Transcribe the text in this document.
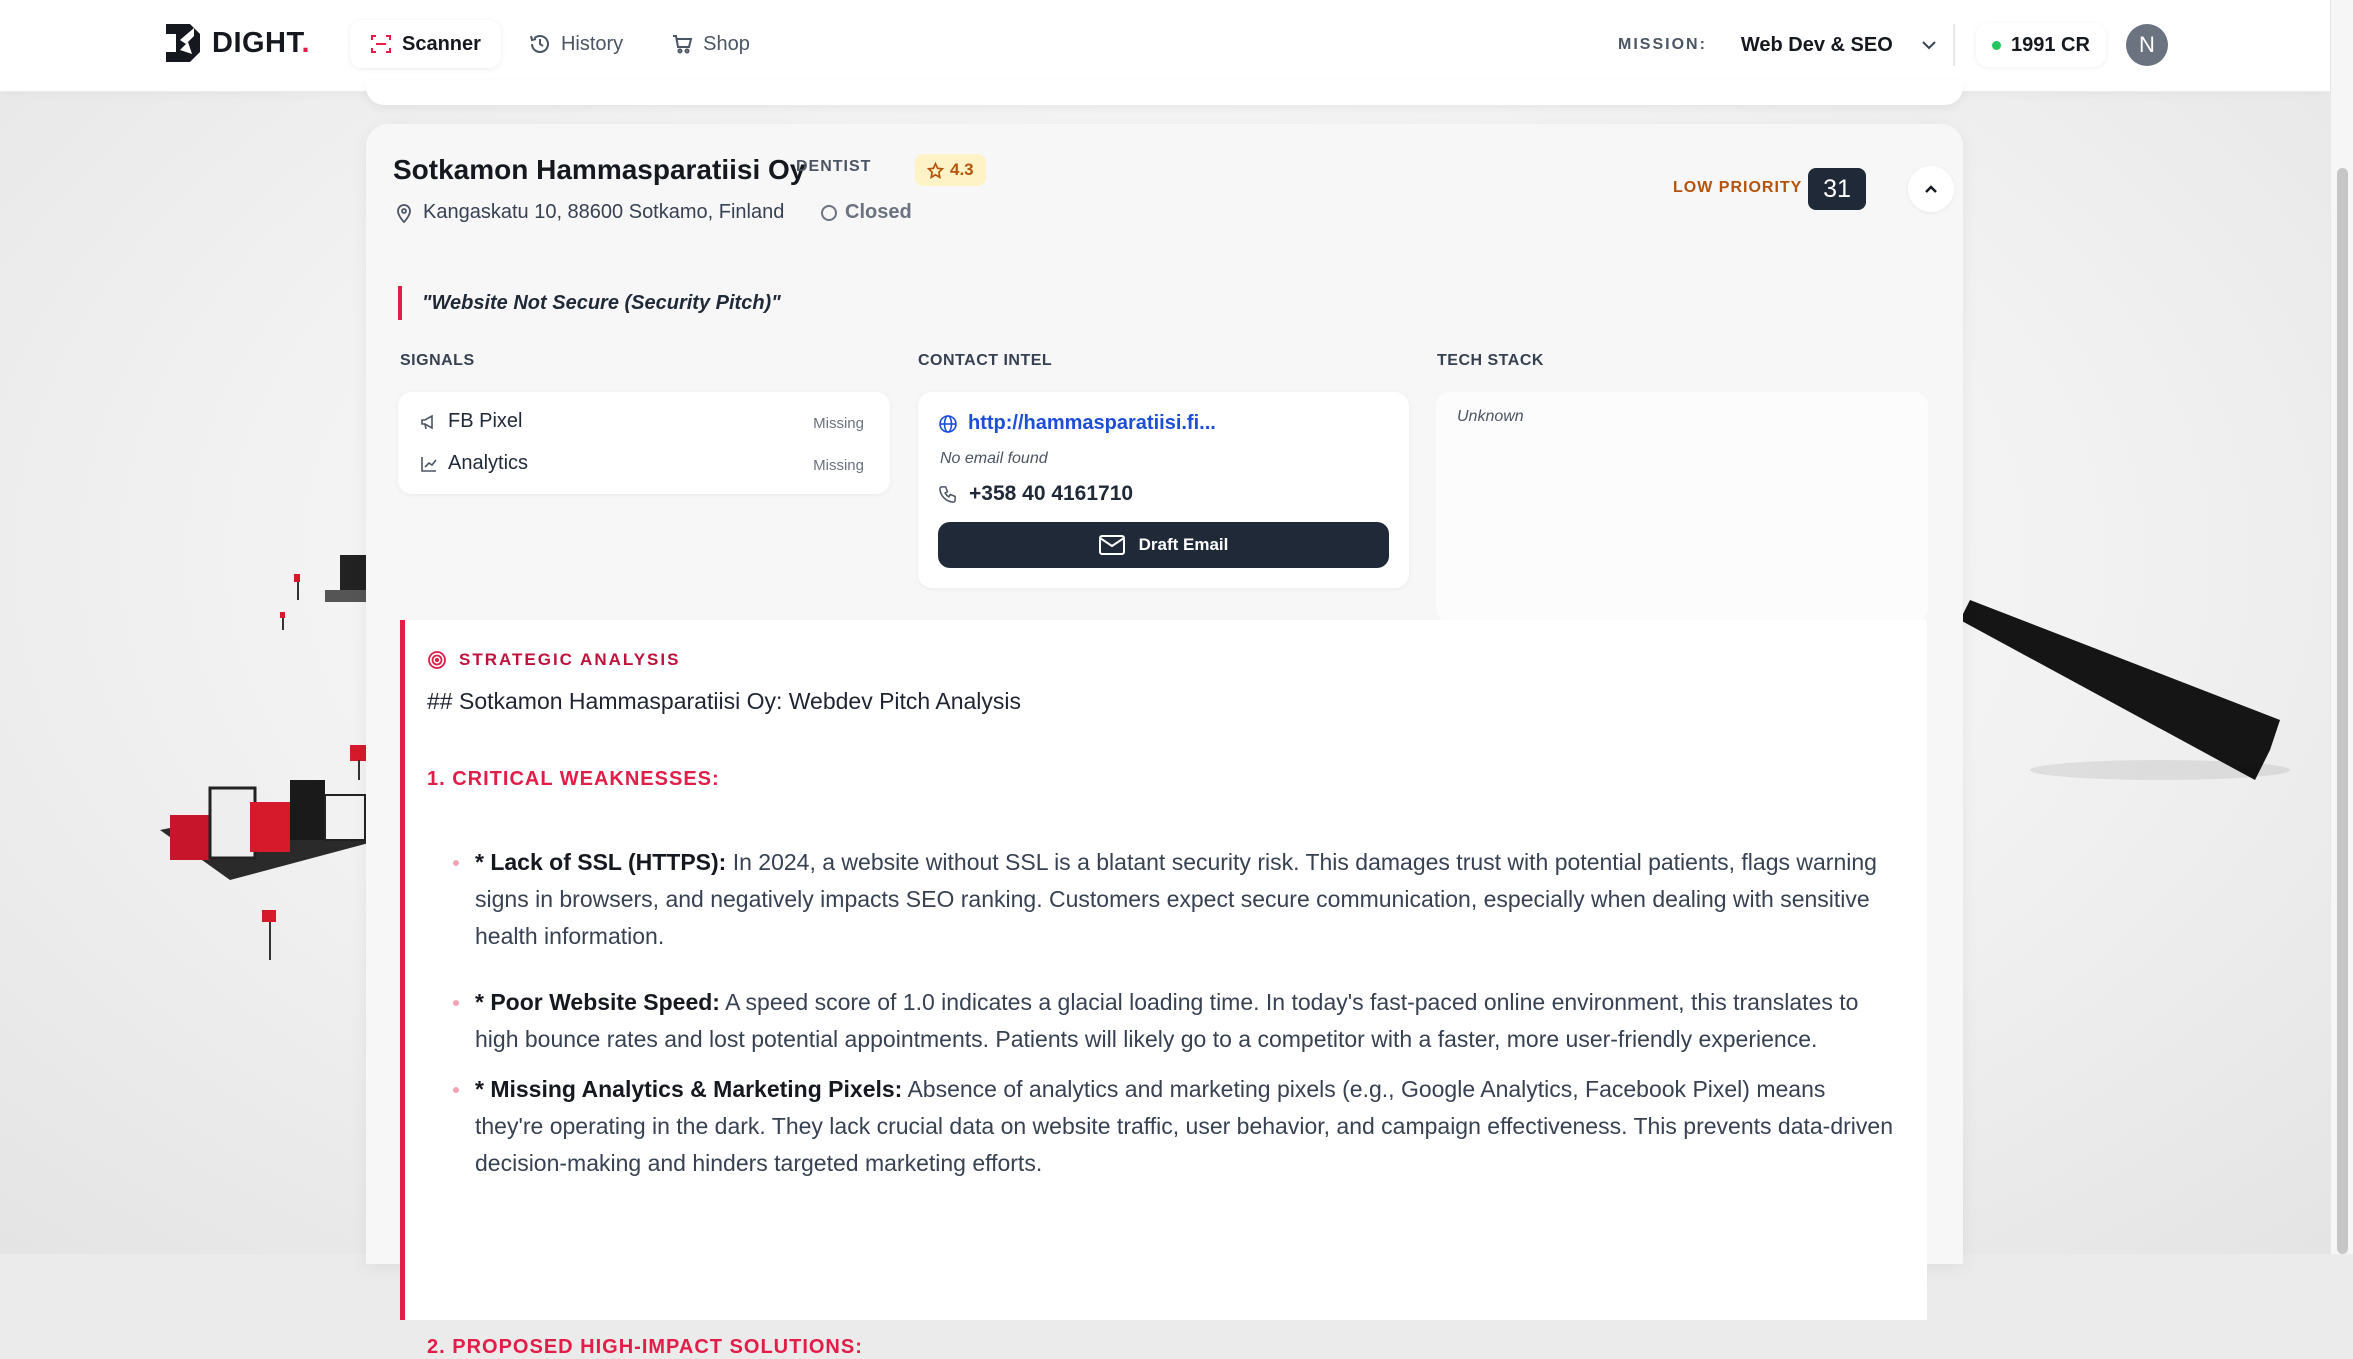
DIGHT.	Scanner	History	Shop	MISSION: Web Dev & SEO	1991 CR	N
Sotkamon Hammasparatiisi Oy
DENTIST	4.3
Kangaskatu 10, 88600 Sotkamo, Finland	Closed
LOW PRIORITY 31
"Website Not Secure (Security Pitch)"
SIGNALS
FB Pixel	Missing
Analytics	Missing
CONTACT INTEL
http://hammasparatiisi.fi...
No email found
+358 40 4161710
Draft Email
TECH STACK
Unknown
STRATEGIC ANALYSIS
## Sotkamon Hammasparatiisi Oy: Webdev Pitch Analysis
1. CRITICAL WEAKNESSES:
* Lack of SSL (HTTPS): In 2024, a website without SSL is a blatant security risk. This damages trust with potential patients, flags warning signs in browsers, and negatively impacts SEO ranking. Customers expect secure communication, especially when dealing with sensitive health information.
* Poor Website Speed: A speed score of 1.0 indicates a glacial loading time. In today's fast-paced online environment, this translates to high bounce rates and lost potential appointments. Patients will likely go to a competitor with a faster, more user-friendly experience.
* Missing Analytics & Marketing Pixels: Absence of analytics and marketing pixels (e.g., Google Analytics, Facebook Pixel) means they're operating in the dark. They lack crucial data on website traffic, user behavior, and campaign effectiveness. This prevents data-driven decision-making and hinders targeted marketing efforts.
2. PROPOSED HIGH-IMPACT SOLUTIONS:
